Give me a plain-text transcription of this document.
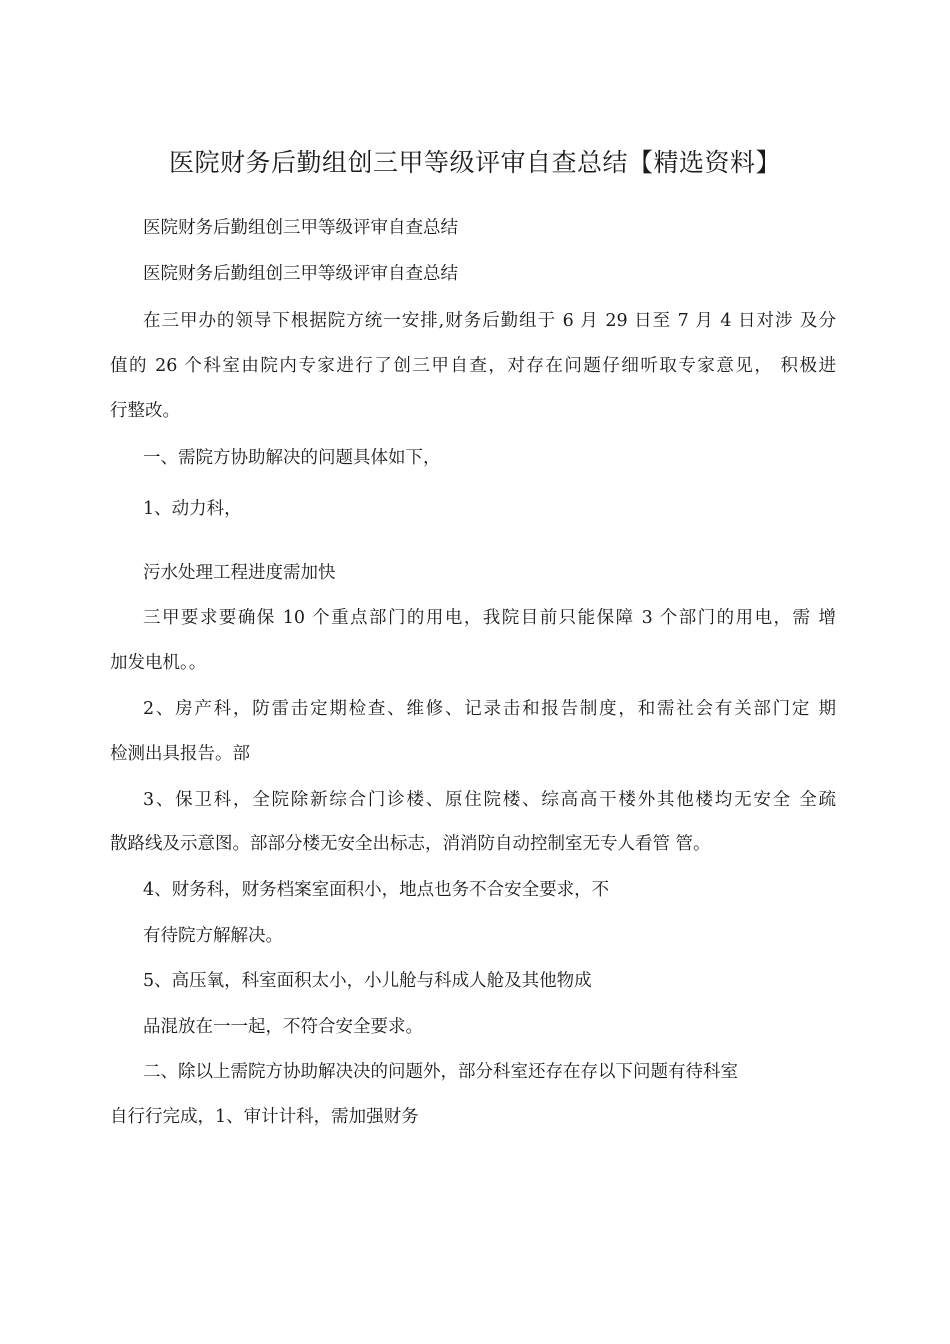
医院财务后勤组创三甲等级评审自查总结【精选资料】
医院财务后勤组创三甲等级评审自查总结
医院财务后勤组创三甲等级评审自查总结
在三甲办的领导下根据院方统一安排,财务后勤组于 6 月 29 日至 7 月 4 日对涉 及分
值的 26 个科室由院内专家进行了创三甲自查，对存在问题仔细听取专家意见， 积极进
行整改。
一、需院方协助解决的问题具体如下，
1、动力科，
污水处理工程进度需加快
三甲要求要确保 10 个重点部门的用电，我院目前只能保障 3 个部门的用电，需 增
加发电机。。
2、房产科，防雷击定期检查、维修、记录击和报告制度，和需社会有关部门定 期
检测出具报告。部
3、保卫科，全院除新综合门诊楼、原住院楼、综高高干楼外其他楼均无安全 全疏
散路线及示意图。部部分楼无安全出标志，消消防自动控制室无专人看管 管。
4、财务科，财务档案室面积小，地点也务不合安全要求，不
有待院方解解决。
5、高压氧，科室面积太小，小儿舱与科成人舱及其他物成
品混放在一一起，不符合安全要求。
二、除以上需院方协助解决决的问题外，部分科室还存在存以下问题有待科室
自行行完成，1、审计计科，需加强财务
